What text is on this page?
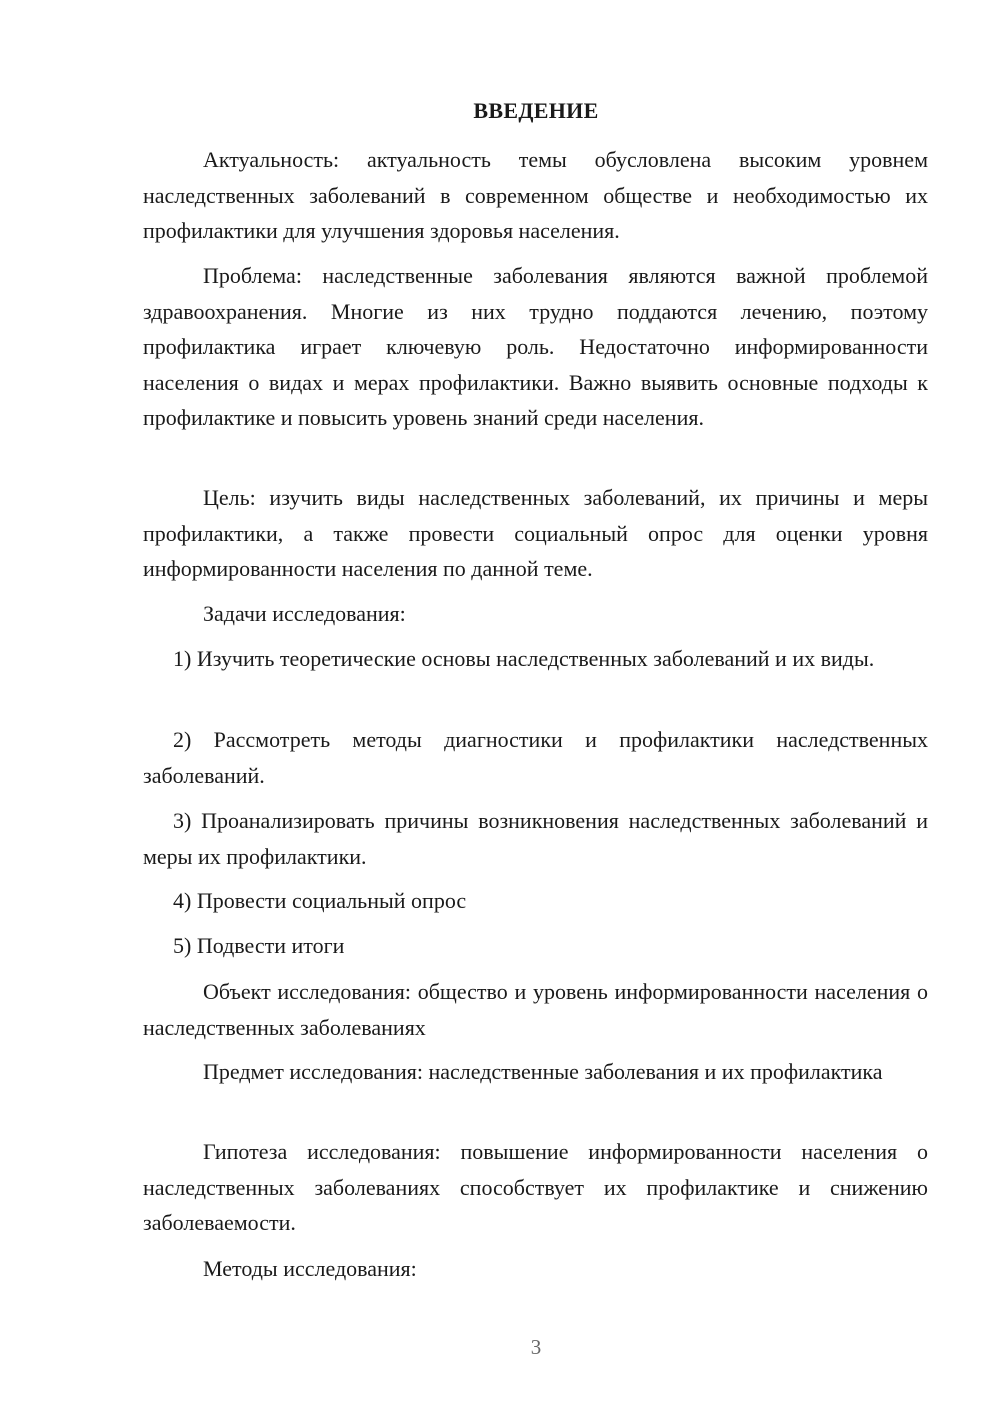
ВВЕДЕНИЕ

Актуальность: актуальность темы обусловлена высоким уровнем наследственных заболеваний в современном обществе и необходимостью их профилактики для улучшения здоровья населения.

Проблема: наследственные заболевания являются важной проблемой здравоохранения. Многие из них трудно поддаются лечению, поэтому профилактика играет ключевую роль. Недостаточно информированности населения о видах и мерах профилактики. Важно выявить основные подходы к профилактике и повысить уровень знаний среди населения.

Цель: изучить виды наследственных заболеваний, их причины и меры профилактики, а также провести социальный опрос для оценки уровня информированности населения по данной теме.

Задачи исследования:

1) Изучить теоретические основы наследственных заболеваний и их виды.

2) Рассмотреть методы диагностики и профилактики наследственных заболеваний.

3) Проанализировать причины возникновения наследственных заболеваний и меры их профилактики.

4) Провести социальный опрос

5) Подвести итоги

Объект исследования: общество и уровень информированности населения о наследственных заболеваниях

Предмет исследования: наследственные заболевания и их профилактика

Гипотеза исследования: повышение информированности населения о наследственных заболеваниях способствует их профилактике и снижению заболеваемости.

Методы исследования:

3
